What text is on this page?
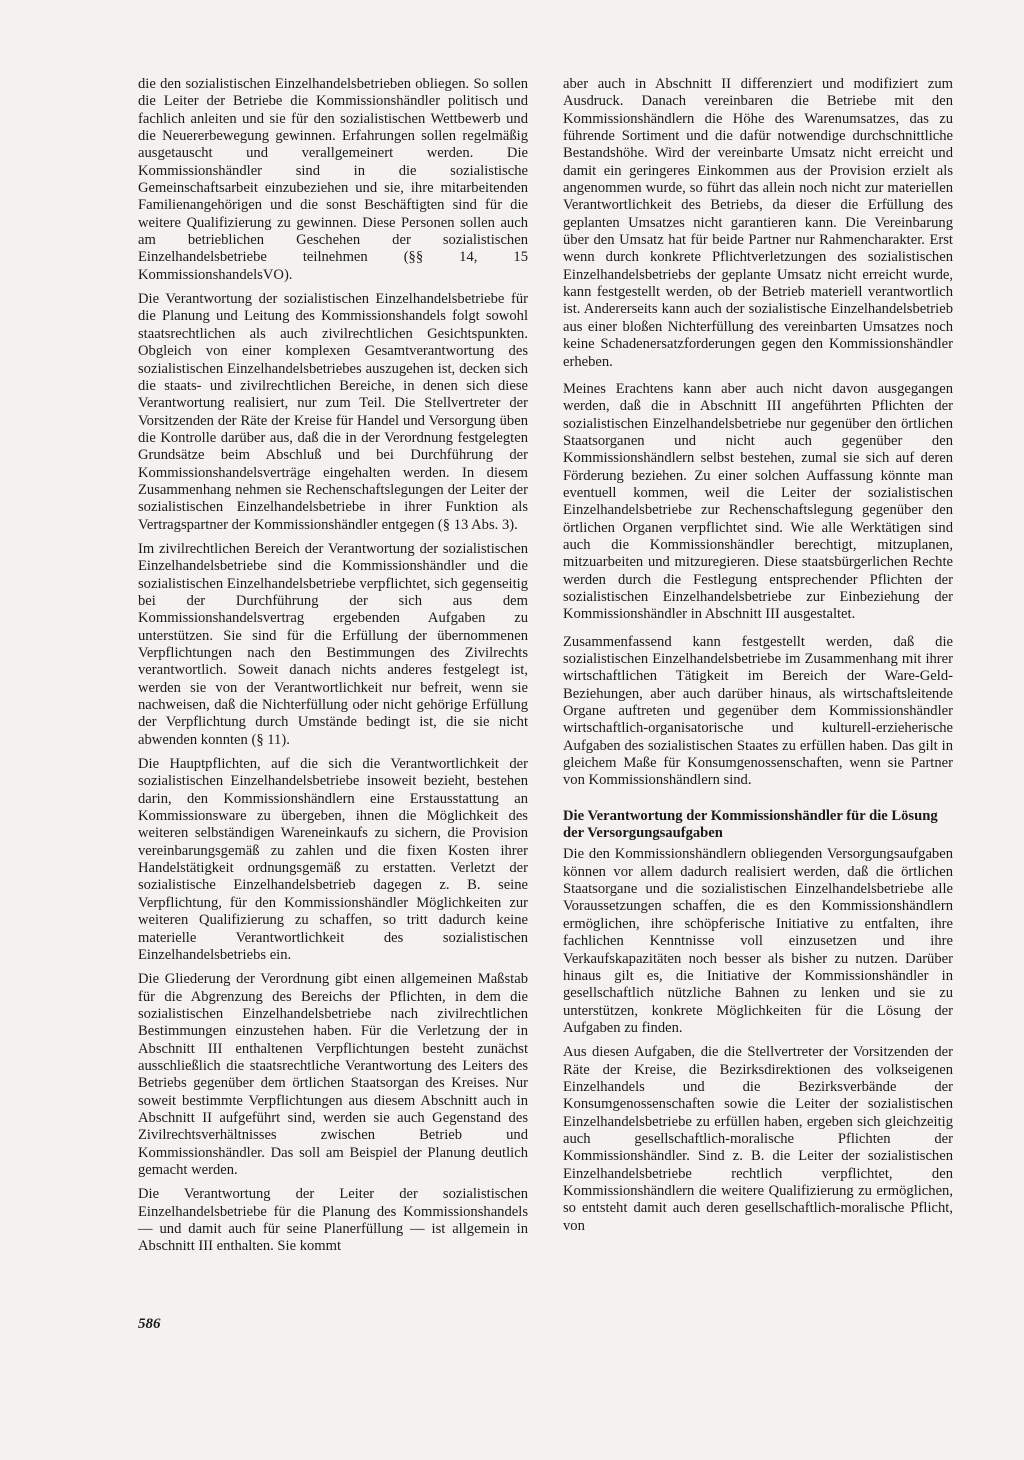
die den sozialistischen Einzelhandelsbetrieben obliegen. So sollen die Leiter der Betriebe die Kommissionshändler politisch und fachlich anleiten und sie für den sozialistischen Wettbewerb und die Neuererbewegung gewinnen. Erfahrungen sollen regelmäßig ausgetauscht und verallgemeinert werden. Die Kommissionshändler sind in die sozialistische Gemeinschaftsarbeit einzubeziehen und sie, ihre mitarbeitenden Familienangehörigen und die sonst Beschäftigten sind für die weitere Qualifizierung zu gewinnen. Diese Personen sollen auch am betrieblichen Geschehen der sozialistischen Einzelhandelsbetriebe teilnehmen (§§ 14, 15 KommissionshandelsVO).

Die Verantwortung der sozialistischen Einzelhandelsbetriebe für die Planung und Leitung des Kommissionshandels folgt sowohl staatsrechtlichen als auch zivilrechtlichen Gesichtspunkten. Obgleich von einer komplexen Gesamtverantwortung des sozialistischen Einzelhandelsbetriebes auszugehen ist, decken sich die staats- und zivilrechtlichen Bereiche, in denen sich diese Verantwortung realisiert, nur zum Teil. Die Stellvertreter der Vorsitzenden der Räte der Kreise für Handel und Versorgung üben die Kontrolle darüber aus, daß die in der Verordnung festgelegten Grundsätze beim Abschluß und bei Durchführung der Kommissionshandelsverträge eingehalten werden. In diesem Zusammenhang nehmen sie Rechenschaftslegungen der Leiter der sozialistischen Einzelhandelsbetriebe in ihrer Funktion als Vertragspartner der Kommissionshändler entgegen (§ 13 Abs. 3).

Im zivilrechtlichen Bereich der Verantwortung der sozialistischen Einzelhandelsbetriebe sind die Kommissionshändler und die sozialistischen Einzelhandelsbetriebe verpflichtet, sich gegenseitig bei der Durchführung der sich aus dem Kommissionshandelsvertrag ergebenden Aufgaben zu unterstützen. Sie sind für die Erfüllung der übernommenen Verpflichtungen nach den Bestimmungen des Zivilrechts verantwortlich. Soweit danach nichts anderes festgelegt ist, werden sie von der Verantwortlichkeit nur befreit, wenn sie nachweisen, daß die Nichterfüllung oder nicht gehörige Erfüllung der Verpflichtung durch Umstände bedingt ist, die sie nicht abwenden konnten (§ 11).

Die Hauptpflichten, auf die sich die Verantwortlichkeit der sozialistischen Einzelhandelsbetriebe insoweit bezieht, bestehen darin, den Kommissionshändlern eine Erstausstattung an Kommissionsware zu übergeben, ihnen die Möglichkeit des weiteren selbständigen Wareneinkaufs zu sichern, die Provision vereinbarungsgemäß zu zahlen und die fixen Kosten ihrer Handelstätigkeit ordnungsgemäß zu erstatten. Verletzt der sozialistische Einzelhandelsbetrieb dagegen z. B. seine Verpflichtung, für den Kommissionshändler Möglichkeiten zur weiteren Qualifizierung zu schaffen, so tritt dadurch keine materielle Verantwortlichkeit des sozialistischen Einzelhandelsbetriebs ein.

Die Gliederung der Verordnung gibt einen allgemeinen Maßstab für die Abgrenzung des Bereichs der Pflichten, in dem die sozialistischen Einzelhandelsbetriebe nach zivilrechtlichen Bestimmungen einzustehen haben. Für die Verletzung der in Abschnitt III enthaltenen Verpflichtungen besteht zunächst ausschließlich die staatsrechtliche Verantwortung des Leiters des Betriebs gegenüber dem örtlichen Staatsorgan des Kreises. Nur soweit bestimmte Verpflichtungen aus diesem Abschnitt auch in Abschnitt II aufgeführt sind, werden sie auch Gegenstand des Zivilrechtsverhältnisses zwischen Betrieb und Kommissionshändler. Das soll am Beispiel der Planung deutlich gemacht werden.

Die Verantwortung der Leiter der sozialistischen Einzelhandelsbetriebe für die Planung des Kommissionshandels — und damit auch für seine Planerfüllung — ist allgemein in Abschnitt III enthalten. Sie kommt

aber auch in Abschnitt II differenziert und modifiziert zum Ausdruck. Danach vereinbaren die Betriebe mit den Kommissionshändlern die Höhe des Warenumsatzes, das zu führende Sortiment und die dafür notwendige durchschnittliche Bestandshöhe. Wird der vereinbarte Umsatz nicht erreicht und damit ein geringeres Einkommen aus der Provision erzielt als angenommen wurde, so führt das allein noch nicht zur materiellen Verantwortlichkeit des Betriebs, da dieser die Erfüllung des geplanten Umsatzes nicht garantieren kann. Die Vereinbarung über den Umsatz hat für beide Partner nur Rahmencharakter. Erst wenn durch konkrete Pflichtverletzungen des sozialistischen Einzelhandelsbetriebs der geplante Umsatz nicht erreicht wurde, kann festgestellt werden, ob der Betrieb materiell verantwortlich ist. Andererseits kann auch der sozialistische Einzelhandelsbetrieb aus einer bloßen Nichterfüllung des vereinbarten Umsatzes noch keine Schadenersatzforderungen gegen den Kommissionshändler erheben.

Meines Erachtens kann aber auch nicht davon ausgegangen werden, daß die in Abschnitt III angeführten Pflichten der sozialistischen Einzelhandelsbetriebe nur gegenüber den örtlichen Staatsorganen und nicht auch gegenüber den Kommissionshändlern selbst bestehen, zumal sie sich auf deren Förderung beziehen. Zu einer solchen Auffassung könnte man eventuell kommen, weil die Leiter der sozialistischen Einzelhandelsbetriebe zur Rechenschaftslegung gegenüber den örtlichen Organen verpflichtet sind. Wie alle Werktätigen sind auch die Kommissionshändler berechtigt, mitzuplanen, mitzuarbeiten und mitzuregieren. Diese staatsbürgerlichen Rechte werden durch die Festlegung entsprechender Pflichten der sozialistischen Einzelhandelsbetriebe zur Einbeziehung der Kommissionshändler in Abschnitt III ausgestaltet.

Zusammenfassend kann festgestellt werden, daß die sozialistischen Einzelhandelsbetriebe im Zusammenhang mit ihrer wirtschaftlichen Tätigkeit im Bereich der Ware-Geld-Beziehungen, aber auch darüber hinaus, als wirtschaftsleitende Organe auftreten und gegenüber dem Kommissionshändler wirtschaftlich-organisatorische und kulturell-erzieherische Aufgaben des sozialistischen Staates zu erfüllen haben. Das gilt in gleichem Maße für Konsumgenossenschaften, wenn sie Partner von Kommissionshändlern sind.

Die Verantwortung der Kommissionshändler für die Lösung der Versorgungsaufgaben

Die den Kommissionshändlern obliegenden Versorgungsaufgaben können vor allem dadurch realisiert werden, daß die örtlichen Staatsorgane und die sozialistischen Einzelhandelsbetriebe alle Voraussetzungen schaffen, die es den Kommissionshändlern ermöglichen, ihre schöpferische Initiative zu entfalten, ihre fachlichen Kenntnisse voll einzusetzen und ihre Verkaufskapazitäten noch besser als bisher zu nutzen. Darüber hinaus gilt es, die Initiative der Kommissionshändler in gesellschaftlich nützliche Bahnen zu lenken und sie zu unterstützen, konkrete Möglichkeiten für die Lösung der Aufgaben zu finden.

Aus diesen Aufgaben, die die Stellvertreter der Vorsitzenden der Räte der Kreise, die Bezirksdirektionen des volkseigenen Einzelhandels und die Bezirksverbände der Konsumgenossenschaften sowie die Leiter der sozialistischen Einzelhandelsbetriebe zu erfüllen haben, ergeben sich gleichzeitig auch gesellschaftlich-moralische Pflichten der Kommissionshändler. Sind z. B. die Leiter der sozialistischen Einzelhandelsbetriebe rechtlich verpflichtet, den Kommissionshändlern die weitere Qualifizierung zu ermöglichen, so entsteht damit auch deren gesellschaftlich-moralische Pflicht, von

586
